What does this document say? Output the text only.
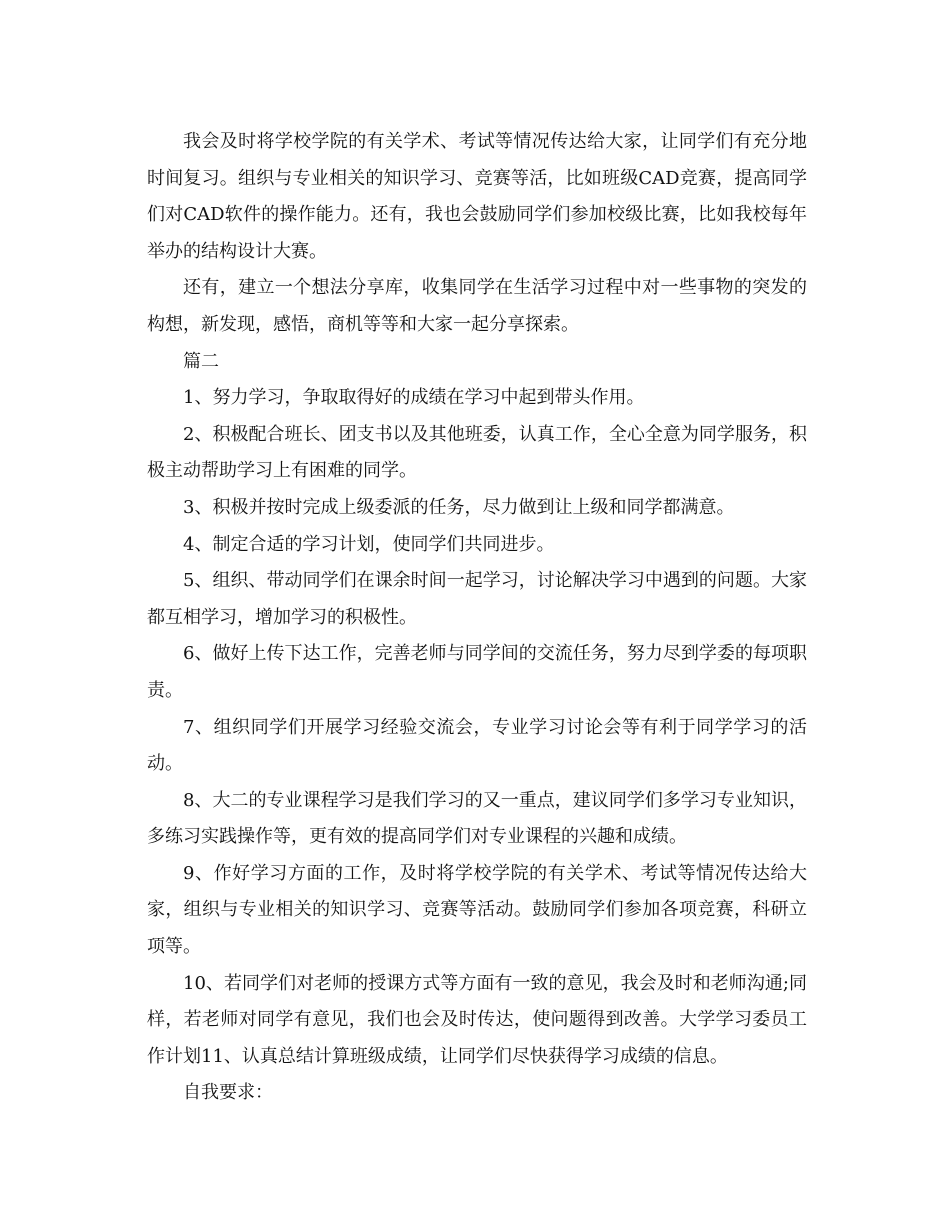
我会及时将学校学院的有关学术、考试等情况传达给大家，让同学们有充分地时间复习。组织与专业相关的知识学习、竞赛等活，比如班级CAD竞赛，提高同学们对CAD软件的操作能力。还有，我也会鼓励同学们参加校级比赛，比如我校每年举办的结构设计大赛。

还有，建立一个想法分享库，收集同学在生活学习过程中对一些事物的突发的构想，新发现，感悟，商机等等和大家一起分享探索。

篇二

1、努力学习，争取取得好的成绩在学习中起到带头作用。

2、积极配合班长、团支书以及其他班委，认真工作，全心全意为同学服务，积极主动帮助学习上有困难的同学。

3、积极并按时完成上级委派的任务，尽力做到让上级和同学都满意。

4、制定合适的学习计划，使同学们共同进步。

5、组织、带动同学们在课余时间一起学习，讨论解决学习中遇到的问题。大家都互相学习，增加学习的积极性。

6、做好上传下达工作，完善老师与同学间的交流任务，努力尽到学委的每项职责。

7、组织同学们开展学习经验交流会，专业学习讨论会等有利于同学学习的活动。

8、大二的专业课程学习是我们学习的又一重点，建议同学们多学习专业知识，多练习实践操作等，更有效的提高同学们对专业课程的兴趣和成绩。

9、作好学习方面的工作，及时将学校学院的有关学术、考试等情况传达给大家，组织与专业相关的知识学习、竞赛等活动。鼓励同学们参加各项竞赛，科研立项等。

10、若同学们对老师的授课方式等方面有一致的意见，我会及时和老师沟通;同样，若老师对同学有意见，我们也会及时传达，使问题得到改善。大学学习委员工作计划11、认真总结计算班级成绩，让同学们尽快获得学习成绩的信息。

自我要求：
